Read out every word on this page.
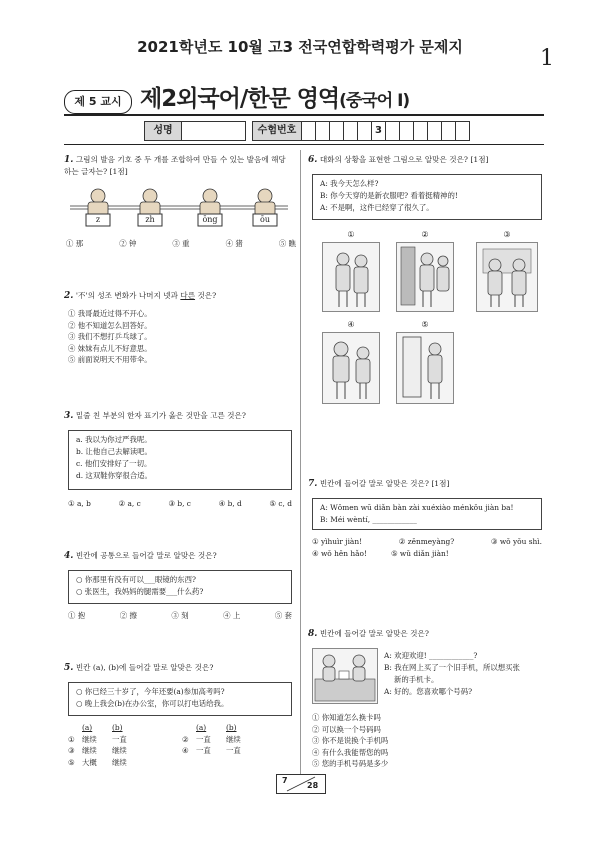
2021학년도 10월 고3 전국연합학력평가 문제지	1
제 5 교시 제2외국어/한문 영역(중국어 Ⅰ)
성명	수험번호	3
1. 그림의 발음 기호 중 두 개를 조합하여 만들 수 있는 발음에 해당하는 글자는? [1점]
z	zh	ōng	ōu
① 那	② 钟	③ 重	④ 猪	⑤ 瞧
2. '不'의 성조 변화가 나머지 넷과 다른 것은?
① 我哥最近过得不开心。
② 他不知道怎么回答好。
③ 我们不想打乒乓球了。
④ 妹妹有点儿不好意思。
⑤ 前面说明天不用带伞。
3. 밑줄 친 부분의 한자 표기가 옳은 것만을 고른 것은?
a. 我以为你过严我呢。
b. 让他自己去解读吧。
c. 他们安排好了一切。
d. 这双鞋你穿很合适。
① a, b	② a, c	③ b, c	④ b, d	⑤ c, d
4. 빈칸에 공통으로 들어갈 말로 알맞은 것은?
○ 你那里有没有可以___眼镜的东西?
○ 张医生，我妈妈的腿需要___什么药?
① 抱	② 擦	③ 刻	④ 上	⑤ 套
5. 빈칸 (a), (b)에 들어갈 말로 알맞은 것은?
○ 你已经三十岁了，今年还要(a)参加高考吗?
○ 晚上我会(b)在办公室，你可以打电话给我。
(a)	(b)	(a)	(b)
① 继续	一直	② 一直	继续
③ 继续	继续	④ 一直	一直
⑤ 大概	继续
6. 대화의 상황을 표현한 그림으로 알맞은 것은? [1점]
A: 我今天怎么样?
B: 你今天穿的是新衣服吧? 看着挺精神的!
A: 不是啊，这件已经穿了很久了。
①	②	③
④	⑤
7. 빈칸에 들어갈 말로 알맞은 것은? [1점]
A: Wǒmen wū diǎn bàn zài xuéxiào ménkǒu jiàn ba!
B: Méi wèntí, ____________
① yìhuìr jiàn!	② zěnmeyàng?	③ wǒ yǒu shì.
④ wǒ hěn hǎo!	⑤ wǔ diǎn jiàn!
8. 빈칸에 들어갈 말로 알맞은 것은?
A: 欢迎欢迎! ____________?
B: 我在网上买了一个旧手机，所以想买张
新的手机卡。
A: 好的。您喜欢哪个号码?
① 你知道怎么换卡吗
② 可以换一个号码吗
③ 你不是说换个手机吗
④ 有什么我能帮您的吗
⑤ 您的手机号码是多少
7
28
